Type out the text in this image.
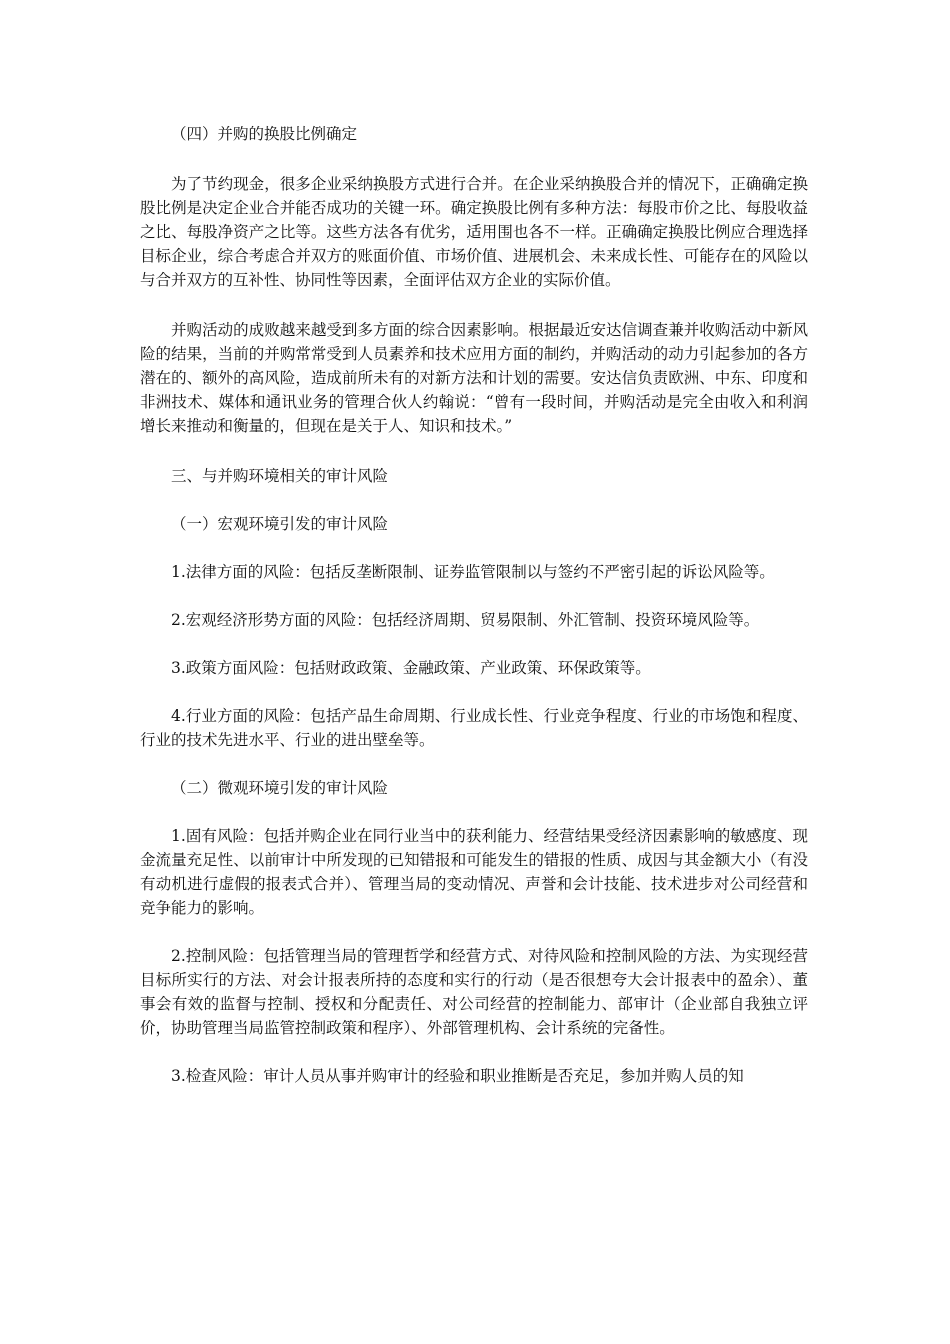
（四）并购的换股比例确定

为了节约现金，很多企业采纳换股方式进行合并。在企业采纳换股合并的情况下，正确确定换股比例是决定企业合并能否成功的关键一环。确定换股比例有多种方法：每股市价之比、每股收益之比、每股净资产之比等。这些方法各有优劣，适用围也各不一样。正确确定换股比例应合理选择目标企业，综合考虑合并双方的账面价值、市场价值、进展机会、未来成长性、可能存在的风险以与合并双方的互补性、协同性等因素，全面评估双方企业的实际价值。

并购活动的成败越来越受到多方面的综合因素影响。根据最近安达信调查兼并收购活动中新风险的结果，当前的并购常常受到人员素养和技术应用方面的制约，并购活动的动力引起参加的各方潜在的、额外的高风险，造成前所未有的对新方法和计划的需要。安达信负责欧洲、中东、印度和非洲技术、媒体和通讯业务的管理合伙人约翰说：“曾有一段时间，并购活动是完全由收入和利润增长来推动和衡量的，但现在是关于人、知识和技术。”

三、与并购环境相关的审计风险

（一）宏观环境引发的审计风险

1.法律方面的风险：包括反垄断限制、证券监管限制以与签约不严密引起的诉讼风险等。

2.宏观经济形势方面的风险：包括经济周期、贸易限制、外汇管制、投资环境风险等。

3.政策方面风险：包括财政政策、金融政策、产业政策、环保政策等。

4.行业方面的风险：包括产品生命周期、行业成长性、行业竞争程度、行业的市场饱和程度、行业的技术先进水平、行业的进出壁垒等。

（二）微观环境引发的审计风险

1.固有风险：包括并购企业在同行业当中的获利能力、经营结果受经济因素影响的敏感度、现金流量充足性、以前审计中所发现的已知错报和可能发生的错报的性质、成因与其金额大小（有没有动机进行虚假的报表式合并）、管理当局的变动情况、声誉和会计技能、技术进步对公司经营和竞争能力的影响。

2.控制风险：包括管理当局的管理哲学和经营方式、对待风险和控制风险的方法、为实现经营目标所实行的方法、对会计报表所持的态度和实行的行动（是否很想夸大会计报表中的盈余）、董事会有效的监督与控制、授权和分配责任、对公司经营的控制能力、部审计（企业部自我独立评价，协助管理当局监管控制政策和程序）、外部管理机构、会计系统的完备性。

3.检查风险：审计人员从事并购审计的经验和职业推断是否充足，参加并购人员的知
